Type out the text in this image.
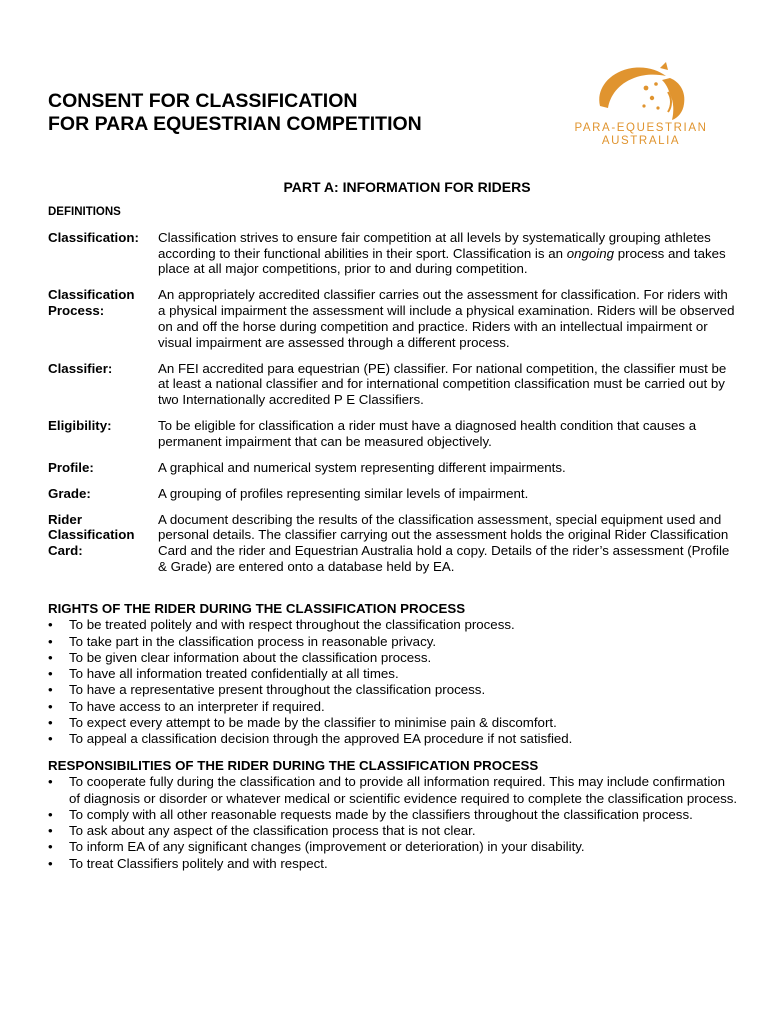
CONSENT FOR CLASSIFICATION
FOR PARA EQUESTRIAN COMPETITION	PARA-EQUESTRIAN
AUSTRALIA
PART A: INFORMATION FOR RIDERS
DEFINITIONS
Classification:	Classification strives to ensure fair competition at all levels by systematically grouping athletes according to their functional abilities in their sport. Classification is an ongoing process and takes place at all major competitions, prior to and during competition.
Classification Process:
An appropriately accredited classifier carries out the assessment for classification. For riders with a physical impairment the assessment will include a physical examination. Riders will be observed on and off the horse during competition and practice. Riders with an intellectual impairment or visual impairment are assessed through a different process.
Classifier:	An FEI accredited para equestrian (PE) classifier. For national competition, the classifier must be at least a national classifier and for international competition classification must be carried out by two Internationally accredited P E Classifiers.
Eligibility:	To be eligible for classification a rider must have a diagnosed health condition that causes a permanent impairment that can be measured objectively.
Profile:	A graphical and numerical system representing different impairments.
Grade:	A grouping of profiles representing similar levels of impairment.
Rider Classification Card:
A document describing the results of the classification assessment, special equipment used and personal details. The classifier carrying out the assessment holds the original Rider Classification Card and the rider and Equestrian Australia hold a copy. Details of the rider’s assessment (Profile & Grade) are entered onto a database held by EA.
RIGHTS OF THE RIDER DURING THE CLASSIFICATION PROCESS
• To be treated politely and with respect throughout the classification process.
• To take part in the classification process in reasonable privacy.
• To be given clear information about the classification process.
• To have all information treated confidentially at all times.
• To have a representative present throughout the classification process.
• To have access to an interpreter if required.
• To expect every attempt to be made by the classifier to minimise pain & discomfort.
• To appeal a classification decision through the approved EA procedure if not satisfied.
RESPONSIBILITIES OF THE RIDER DURING THE CLASSIFICATION PROCESS
• To cooperate fully during the classification and to provide all information required. This may include confirmation of diagnosis or disorder or whatever medical or scientific evidence required to complete the classification process.
• To comply with all other reasonable requests made by the classifiers throughout the classification process.
• To ask about any aspect of the classification process that is not clear.
• To inform EA of any significant changes (improvement or deterioration) in your disability.
• To treat Classifiers politely and with respect.
